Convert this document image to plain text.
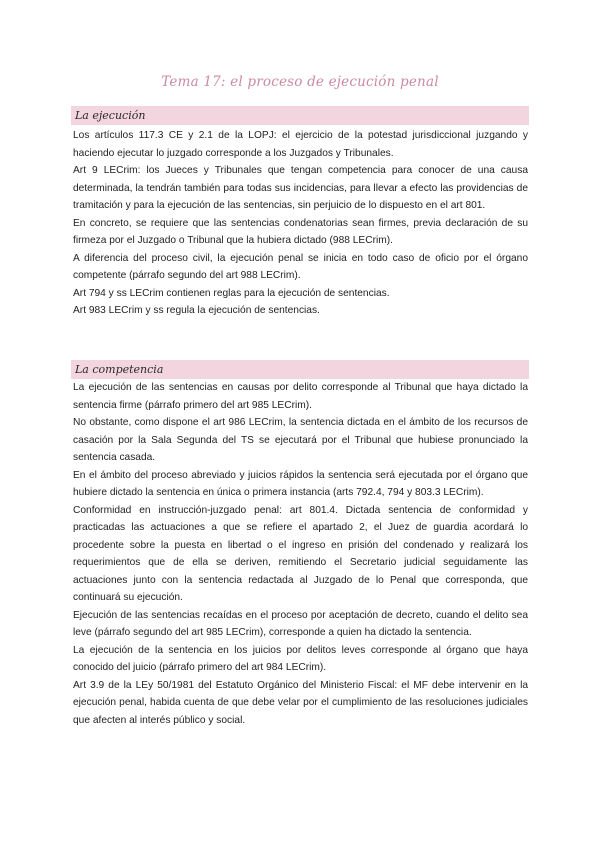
Tema 17: el proceso de ejecución penal
La ejecución

Los artículos 117.3 CE y 2.1 de la LOPJ: el ejercicio de la potestad jurisdiccional juzgando y haciendo ejecutar lo juzgado corresponde a los Juzgados y Tribunales.

Art 9 LECrim: los Jueces y Tribunales que tengan competencia para conocer de una causa determinada, la tendrán también para todas sus incidencias, para llevar a efecto las providencias de tramitación y para la ejecución de las sentencias, sin perjuicio de lo dispuesto en el art 801.

En concreto, se requiere que las sentencias condenatorias sean firmes, previa declaración de su firmeza por el Juzgado o Tribunal que la hubiera dictado (988 LECrim).

A diferencia del proceso civil, la ejecución penal se inicia en todo caso de oficio por el órgano competente (párrafo segundo del art 988 LECrim).

Art 794 y ss LECrim contienen reglas para la ejecución de sentencias.

Art 983 LECrim y ss regula la ejecución de sentencias.

La competencia

La ejecución de las sentencias en causas por delito corresponde al Tribunal que haya dictado la sentencia firme (párrafo primero del art 985 LECrim).

No obstante, como dispone el art 986 LECrim, la sentencia dictada en el ámbito de los recursos de casación por la Sala Segunda del TS se ejecutará por el Tribunal que hubiese pronunciado la sentencia casada.

En el ámbito del proceso abreviado y juicios rápidos la sentencia será ejecutada por el órgano que hubiere dictado la sentencia en única o primera instancia (arts 792.4, 794 y 803.3 LECrim).

Conformidad en instrucción-juzgado penal: art 801.4. Dictada sentencia de conformidad y practicadas las actuaciones a que se refiere el apartado 2, el Juez de guardia acordará lo procedente sobre la puesta en libertad o el ingreso en prisión del condenado y realizará los requerimientos que de ella se deriven, remitiendo el Secretario judicial seguidamente las actuaciones junto con la sentencia redactada al Juzgado de lo Penal que corresponda, que continuará su ejecución.

Ejecución de las sentencias recaídas en el proceso por aceptación de decreto, cuando el delito sea leve (párrafo segundo del art 985 LECrim), corresponde a quien ha dictado la sentencia.

La ejecución de la sentencia en los juicios por delitos leves corresponde al órgano que haya conocido del juicio (párrafo primero del art 984 LECrim).

Art 3.9 de la LEy 50/1981 del Estatuto Orgánico del Ministerio Fiscal: el MF debe intervenir en la ejecución penal, habida cuenta de que debe velar por el cumplimiento de las resoluciones judiciales que afecten al interés público y social.
